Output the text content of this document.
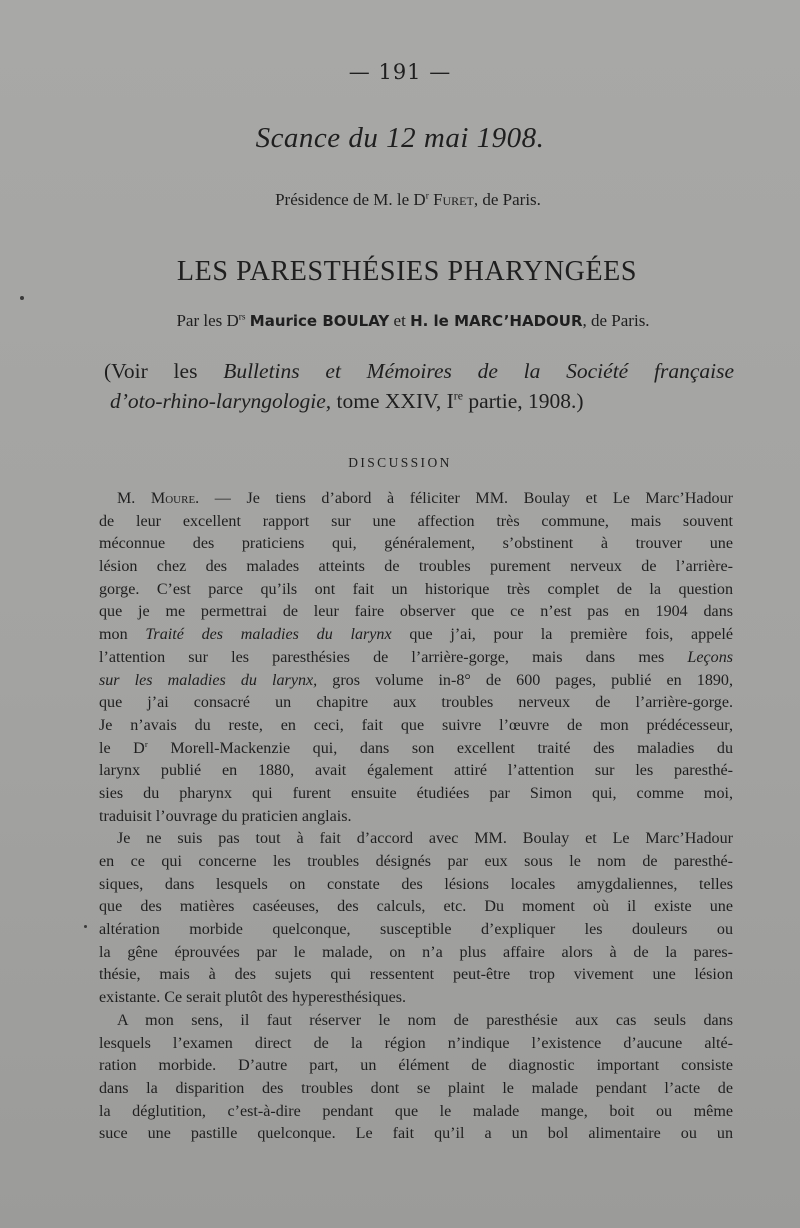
— 191 —
Scance du 12 mai 1908.
Présidence de M. le $D^r$ Furet, de Paris.
LES PARESTHÉSIES PHARYNGÉES
Par les $D^{rs}$ Maurice BOULAY et H. le MARC’HADOUR, de Paris.
(Voir les Bulletins et Mémoires de la Société française
d’oto-rhino-laryngologie, tome XXIV, Ire partie, 1908.)
DISCUSSION
M. Moure. — Je tiens d’abord à féliciter MM. Boulay et Le Marc’Hadour
de leur excellent rapport sur une affection très commune, mais souvent
méconnue des praticiens qui, généralement, s’obstinent à trouver une
lésion chez des malades atteints de troubles purement nerveux de l’arrière-
gorge. C’est parce qu’ils ont fait un historique très complet de la question
que je me permettrai de leur faire observer que ce n’est pas en 1904 dans
mon Traité des maladies du larynx que j’ai, pour la première fois, appelé
l’attention sur les paresthésies de l’arrière-gorge, mais dans mes Leçons
sur les maladies du larynx, gros volume in-8° de 600 pages, publié en 1890,
que j’ai consacré un chapitre aux troubles nerveux de l’arrière-gorge.
Je n’avais du reste, en ceci, fait que suivre l’œuvre de mon prédécesseur,
le $D^r$ Morell-Mackenzie qui, dans son excellent traité des maladies du
larynx publié en 1880, avait également attiré l’attention sur les paresthé-
sies du pharynx qui furent ensuite étudiées par Simon qui, comme moi,
traduisit l’ouvrage du praticien anglais.
Je ne suis pas tout à fait d’accord avec MM. Boulay et Le Marc’Hadour
en ce qui concerne les troubles désignés par eux sous le nom de paresthé-
siques, dans lesquels on constate des lésions locales amygdaliennes, telles
que des matières caséeuses, des calculs, etc. Du moment où il existe une
altération morbide quelconque, susceptible d’expliquer les douleurs ou
la gêne éprouvées par le malade, on n’a plus affaire alors à de la pares-
thésie, mais à des sujets qui ressentent peut-être trop vivement une lésion
existante. Ce serait plutôt des hyperesthésiques.
A mon sens, il faut réserver le nom de paresthésie aux cas seuls dans
lesquels l’examen direct de la région n’indique l’existence d’aucune alté-
ration morbide. D’autre part, un élément de diagnostic important consiste
dans la disparition des troubles dont se plaint le malade pendant l’acte de
la déglutition, c’est-à-dire pendant que le malade mange, boit ou même
suce une pastille quelconque. Le fait qu’il a un bol alimentaire ou un
